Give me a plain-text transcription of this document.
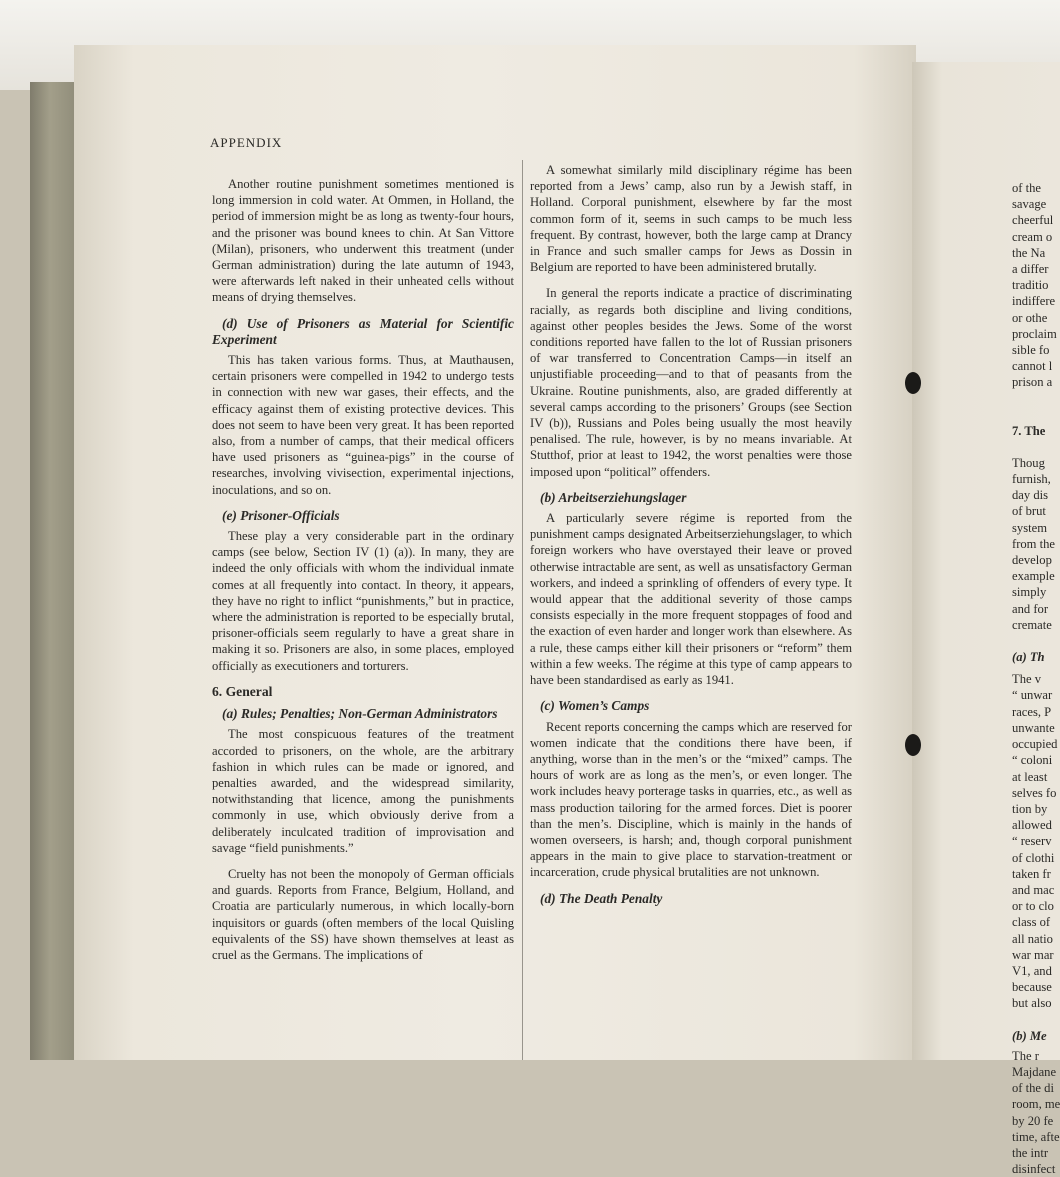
APPENDIX

Another routine punishment sometimes mentioned is long immersion in cold water. At Ommen, in Holland, the period of immersion might be as long as twenty-four hours, and the prisoner was bound knees to chin. At San Vittore (Milan), prisoners, who underwent this treatment (under German administration) during the late autumn of 1943, were afterwards left naked in their unheated cells without means of drying themselves.

(d) Use of Prisoners as Material for Scientific Experiment

This has taken various forms. Thus, at Mauthausen, certain prisoners were compelled in 1942 to undergo tests in connection with new war gases, their effects, and the efficacy against them of existing protective devices. This does not seem to have been very great. It has been reported also, from a number of camps, that their medical officers have used prisoners as “guinea-pigs” in the course of researches, involving vivisection, experimental injections, inoculations, and so on.

(e) Prisoner-Officials

These play a very considerable part in the ordinary camps (see below, Section IV (1) (a)). In many, they are indeed the only officials with whom the individual inmate comes at all frequently into contact. In theory, it appears, they have no right to inflict “punishments,” but in practice, where the administration is reported to be especially brutal, prisoner-officials seem regularly to have a great share in making it so. Prisoners are also, in some places, employed officially as executioners and torturers.

6. General
(a) Rules; Penalties; Non-German Administrators

The most conspicuous features of the treatment accorded to prisoners, on the whole, are the arbitrary fashion in which rules can be made or ignored, and penalties awarded, and the widespread similarity, notwithstanding that licence, among the punishments commonly in use, which obviously derive from a deliberately inculcated tradition of improvisation and savage “field punishments.”

Cruelty has not been the monopoly of German officials and guards. Reports from France, Belgium, Holland, and Croatia are particularly numerous, in which locally-born inquisitors or guards (often members of the local Quisling equivalents of the SS) have shown themselves at least as cruel as the Germans. The implications of

A somewhat similarly mild disciplinary régime has been reported from a Jews’ camp, also run by a Jewish staff, in Holland. Corporal punishment, elsewhere by far the most common form of it, seems in such camps to be much less frequent. By contrast, however, both the large camp at Drancy in France and such smaller camps for Jews as Dossin in Belgium are reported to have been administered brutally.

In general the reports indicate a practice of discriminating racially, as regards both discipline and living conditions, against other peoples besides the Jews. Some of the worst conditions reported have fallen to the lot of Russian prisoners of war transferred to Concentration Camps—in itself an unjustifiable proceeding—and to that of peasants from the Ukraine. Routine punishments, also, are graded differently at several camps according to the prisoners’ Groups (see Section IV (b)), Russians and Poles being usually the most heavily penalised. The rule, however, is by no means invariable. At Stutthof, prior at least to 1942, the worst penalties were those imposed upon “political” offenders.

(b) Arbeitserziehungslager

A particularly severe régime is reported from the punishment camps designated Arbeitserziehungslager, to which foreign workers who have overstayed their leave or proved otherwise intractable are sent, as well as unsatisfactory German workers, and indeed a sprinkling of offenders of every type. It would appear that the additional severity of those camps consists especially in the more frequent stoppages of food and the exaction of even harder and longer work than elsewhere. As a rule, these camps either kill their prisoners or “reform” them within a few weeks. The régime at this type of camp appears to have been standardised as early as 1941.

(c) Women’s Camps

Recent reports concerning the camps which are reserved for women indicate that the conditions there have been, if anything, worse than in the men’s or the “mixed” camps. The hours of work are as long as the men’s, or even longer. The work includes heavy porterage tasks in quarries, etc., as well as mass production tailoring for the armed forces. Diet is poorer than the men’s. Discipline, which is mainly in the hands of women overseers, is harsh; and, though corporal punishment appears in the main to give place to starvation-treatment or incarceration, crude physical brutalities are not unknown.

(d) The Death Penalty
of the
savage
cheerful
cream o
the Na
a differ
traditio
indiffere
or othe
proclaim
sible fo
cannot l
prison a
7. The
Thoug
furnish,
day dis
of brut
system
from the
develop
example
simply
and for
cremate
(a) Th
The v
“ unwar
races, P
unwante
occupied
“ coloni
at least
selves fo
tion by
allowed
“ reserv
of clothi
taken fr
and mac
or to clo
class of
all natio
war mar
V1, and
because
but also
(b) Me
The r
Majdane
of the di
room, me
by 20 fe
time, afte
the intr
disinfect
